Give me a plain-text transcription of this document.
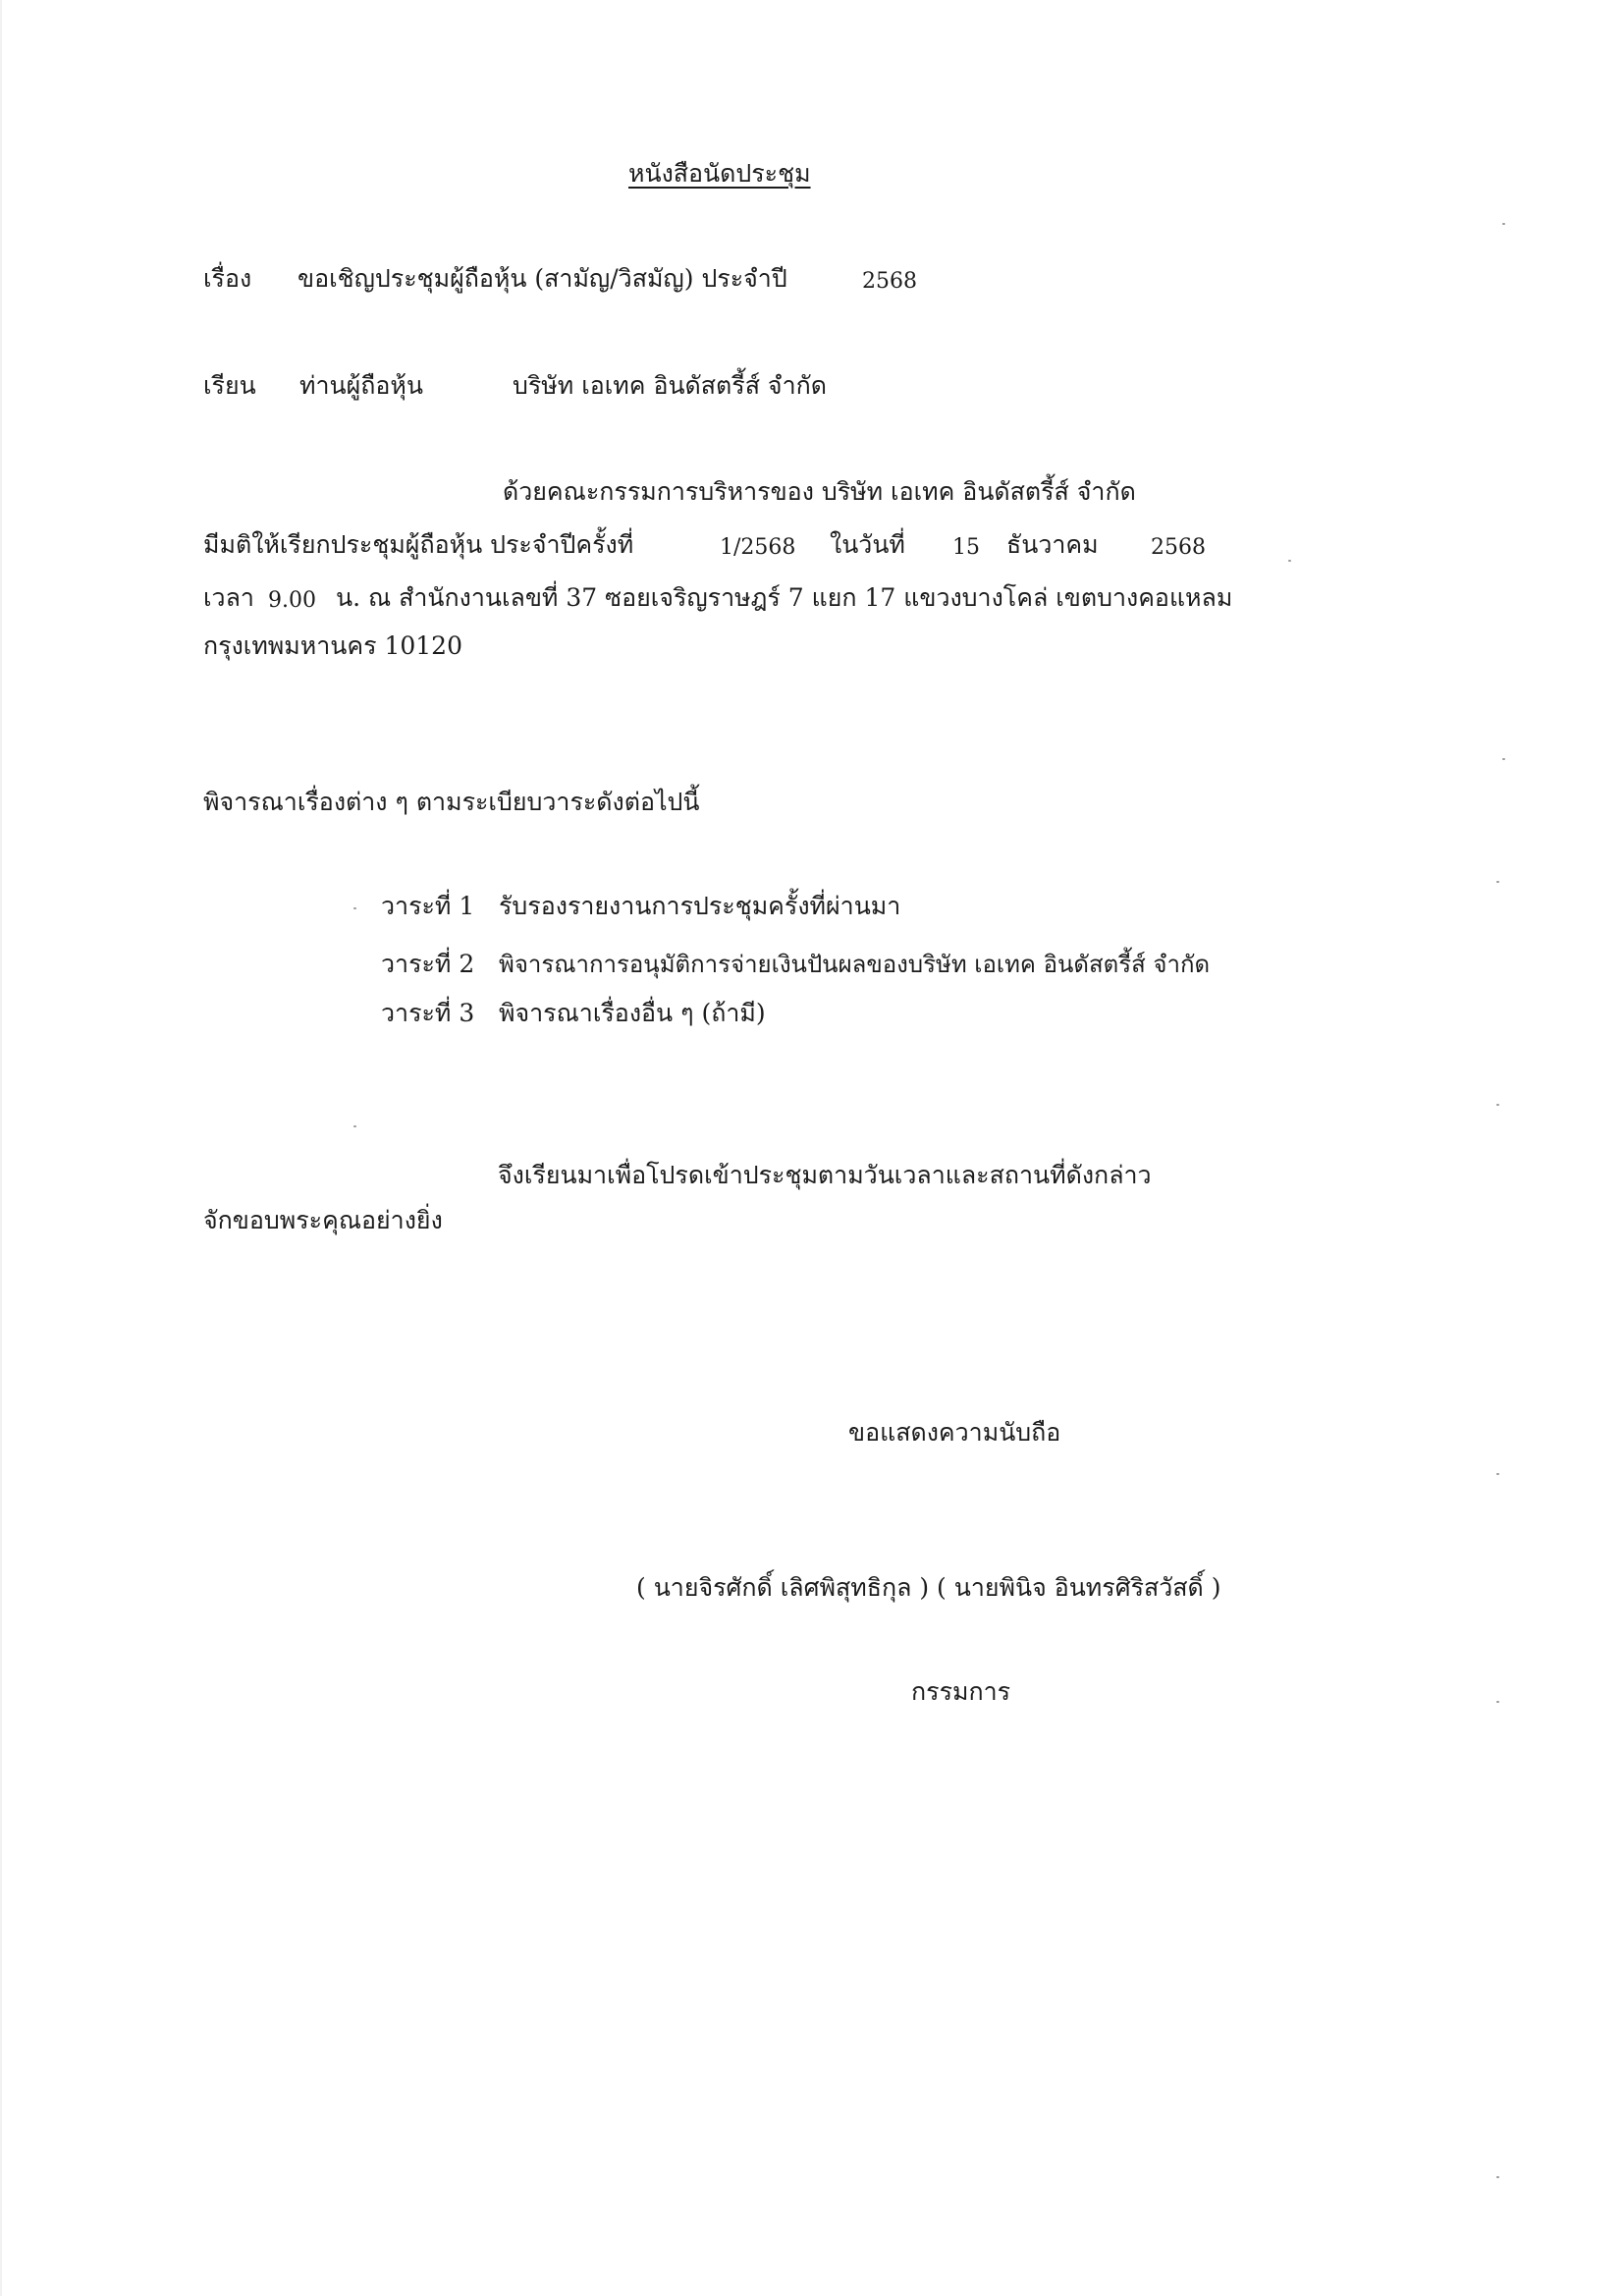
หนังสือนัดประชุม
เรื่อง ขอเชิญประชุมผู้ถือหุ้น (สามัญ/วิสมัญ) ประจำปี	2568
เรียน ท่านผู้ถือหุ้น	บริษัท เอเทค อินดัสตรี้ส์ จำกัด
ด้วยคณะกรรมการบริหารของ บริษัท เอเทค อินดัสตรี้ส์ จำกัด
มีมติให้เรียกประชุมผู้ถือหุ้น ประจำปีครั้งที่	1/2568 ในวันที่ 15 ธันวาคม 2568
เวลา 9.00 น. ณ สำนักงานเลขที่ 37 ซอยเจริญราษฎร์ 7 แยก 17 แขวงบางโคล่ เขตบางคอแหลม
กรุงเทพมหานคร 10120
พิจารณาเรื่องต่าง ๆ ตามระเบียบวาระดังต่อไปนี้
วาระที่ 1 รับรองรายงานการประชุมครั้งที่ผ่านมา
วาระที่ 2 พิจารณาการอนุมัติการจ่ายเงินปันผลของบริษัท เอเทค อินดัสตรี้ส์ จำกัด
วาระที่ 3 พิจารณาเรื่องอื่น ๆ (ถ้ามี)
จึงเรียนมาเพื่อโปรดเข้าประชุมตามวันเวลาและสถานที่ดังกล่าว
จักขอบพระคุณอย่างยิ่ง
ขอแสดงความนับถือ
( นายจิรศักดิ์ เลิศพิสุทธิกุล ) ( นายพินิจ อินทรศิริสวัสดิ์ )
กรรมการ
